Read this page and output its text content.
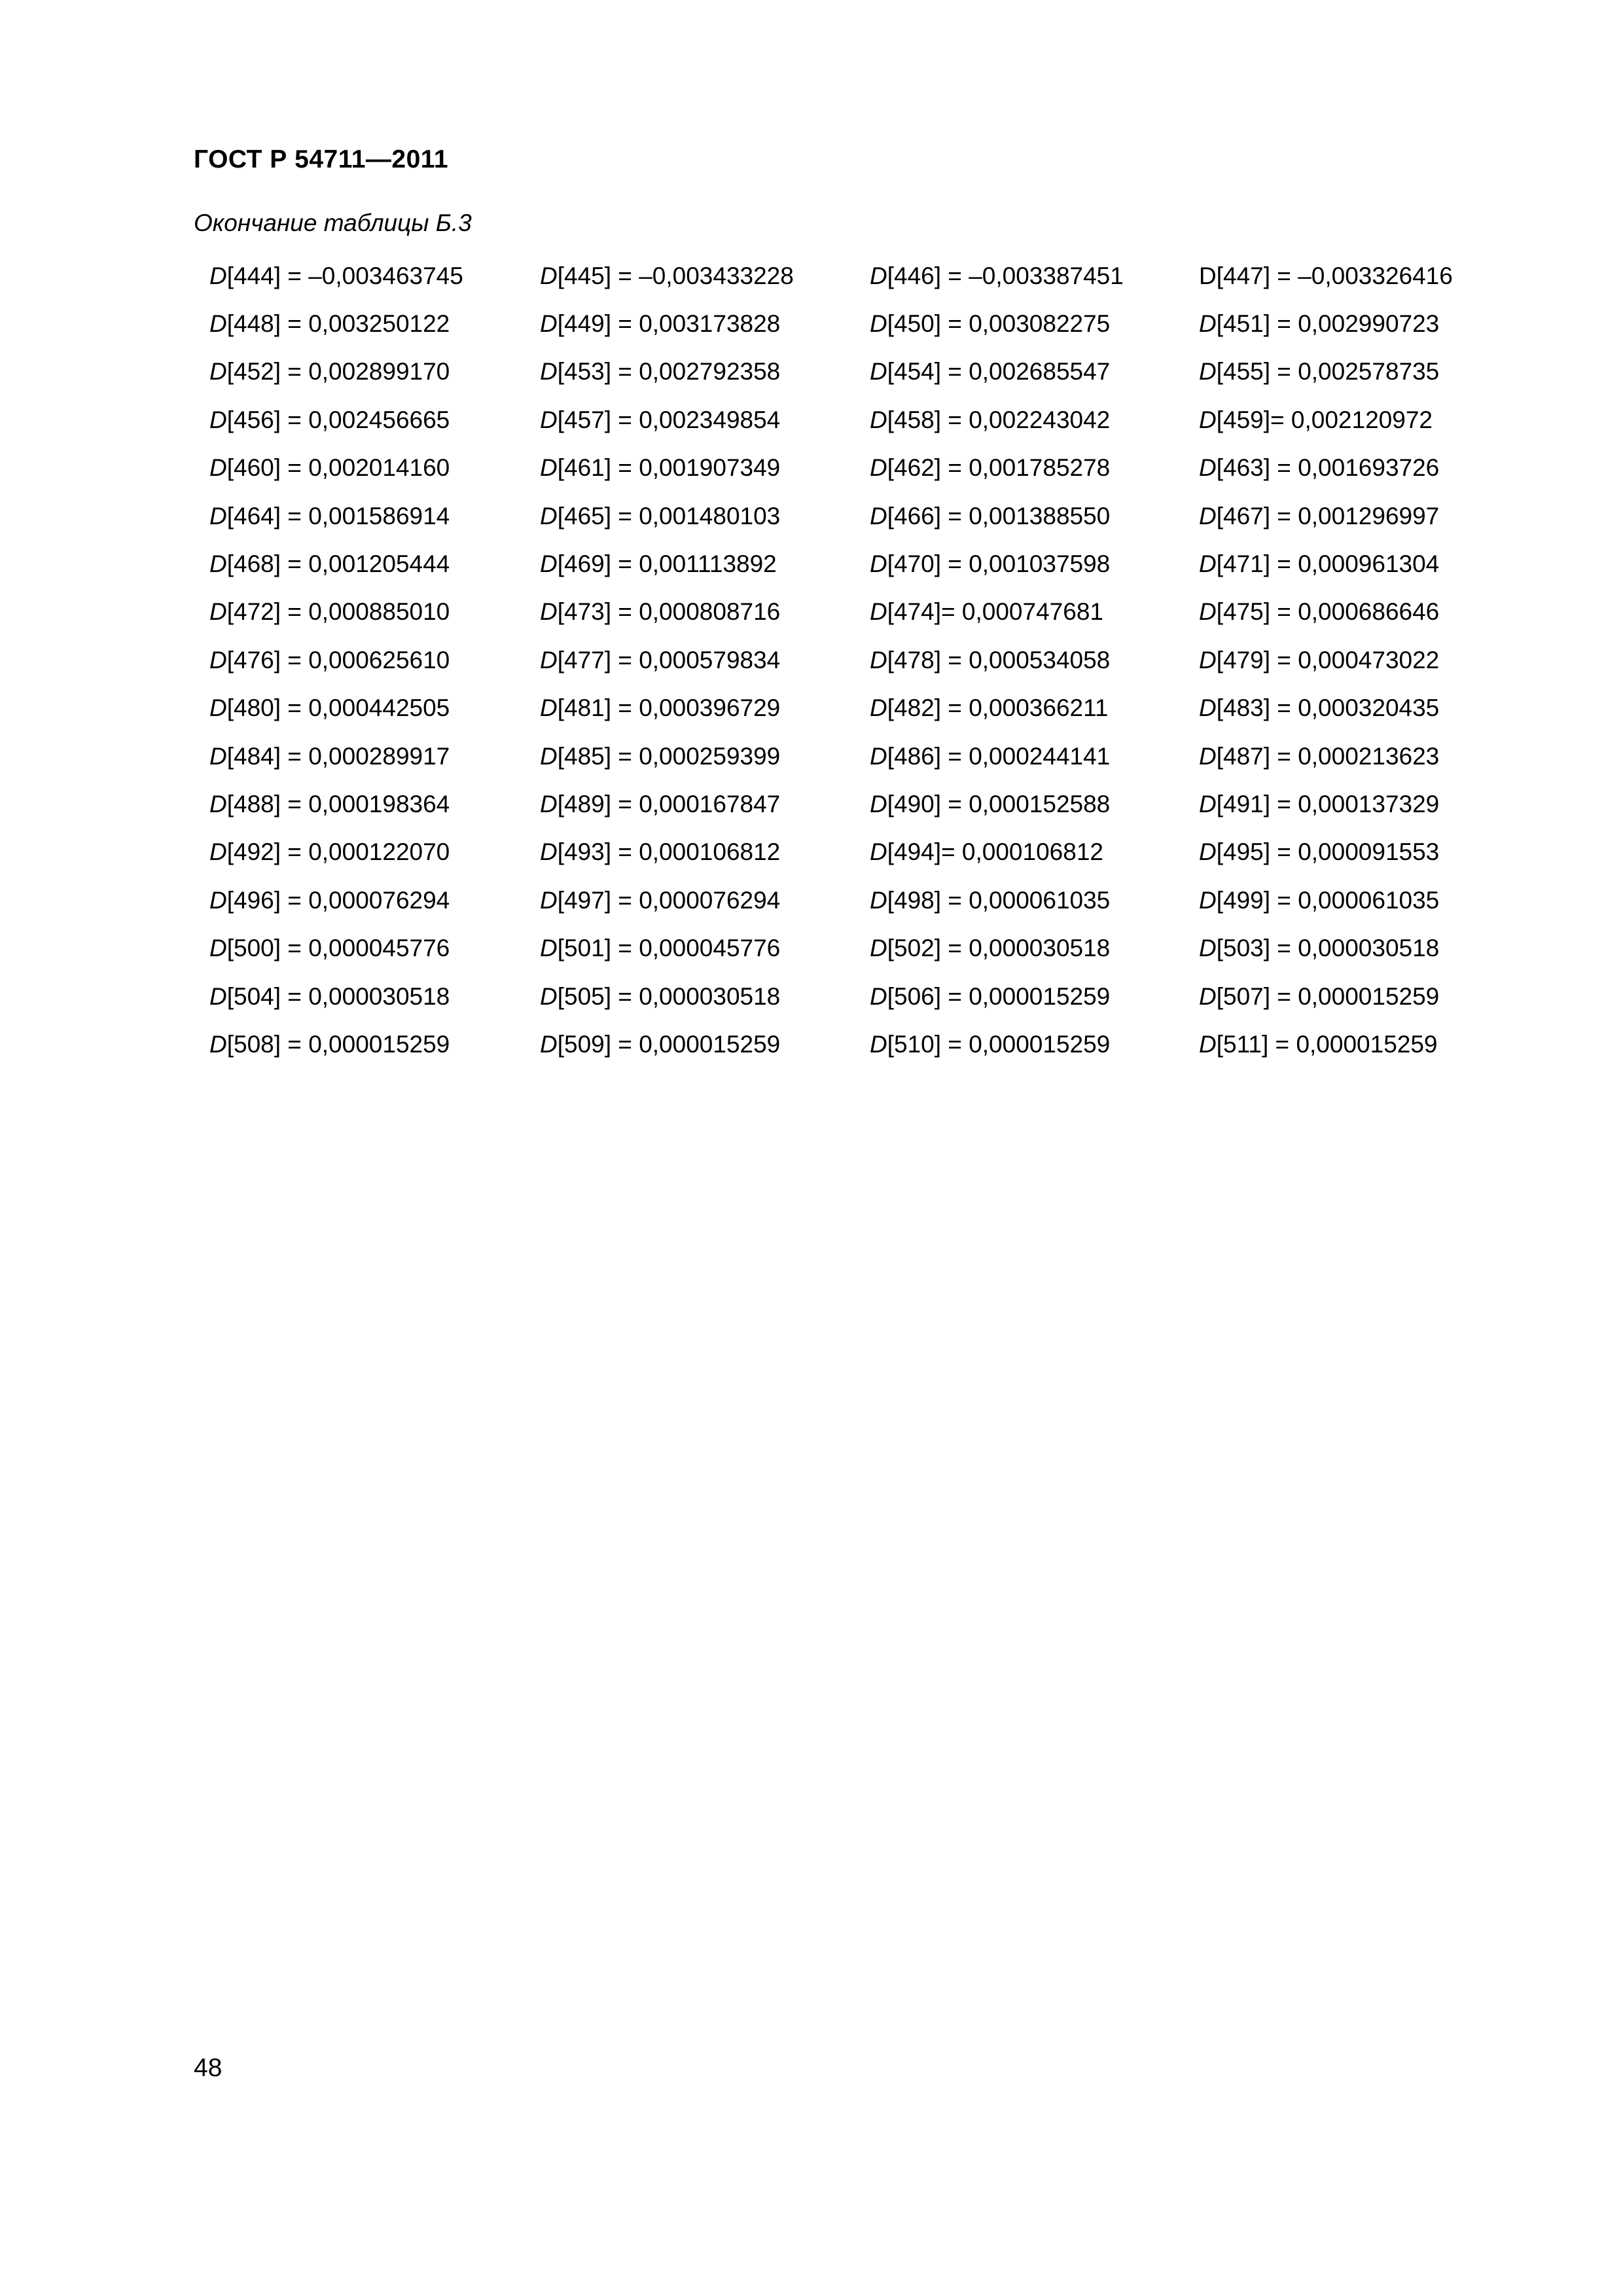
ГОСТ Р 54711—2011
Окончание таблицы Б.3
D[444] = –0,003463745	D[445] = –0,003433228	D[446] = –0,003387451	D[447] = –0,003326416
D[448] = 0,003250122	D[449] = 0,003173828	D[450] = 0,003082275	D[451] = 0,002990723
D[452] = 0,002899170	D[453] = 0,002792358	D[454] = 0,002685547	D[455] = 0,002578735
D[456] = 0,002456665	D[457] = 0,002349854	D[458] = 0,002243042	D[459]= 0,002120972
D[460] = 0,002014160	D[461] = 0,001907349	D[462] = 0,001785278	D[463] = 0,001693726
D[464] = 0,001586914	D[465] = 0,001480103	D[466] = 0,001388550	D[467] = 0,001296997
D[468] = 0,001205444	D[469] = 0,001113892	D[470] = 0,001037598	D[471] = 0,000961304
D[472] = 0,000885010	D[473] = 0,000808716	D[474]= 0,000747681	D[475] = 0,000686646
D[476] = 0,000625610	D[477] = 0,000579834	D[478] = 0,000534058	D[479] = 0,000473022
D[480] = 0,000442505	D[481] = 0,000396729	D[482] = 0,000366211	D[483] = 0,000320435
D[484] = 0,000289917	D[485] = 0,000259399	D[486] = 0,000244141	D[487] = 0,000213623
D[488] = 0,000198364	D[489] = 0,000167847	D[490] = 0,000152588	D[491] = 0,000137329
D[492] = 0,000122070	D[493] = 0,000106812	D[494]= 0,000106812	D[495] = 0,000091553
D[496] = 0,000076294	D[497] = 0,000076294	D[498] = 0,000061035	D[499] = 0,000061035
D[500] = 0,000045776	D[501] = 0,000045776	D[502] = 0,000030518	D[503] = 0,000030518
D[504] = 0,000030518	D[505] = 0,000030518	D[506] = 0,000015259	D[507] = 0,000015259
D[508] = 0,000015259	D[509] = 0,000015259	D[510] = 0,000015259	D[511] = 0,000015259
48
